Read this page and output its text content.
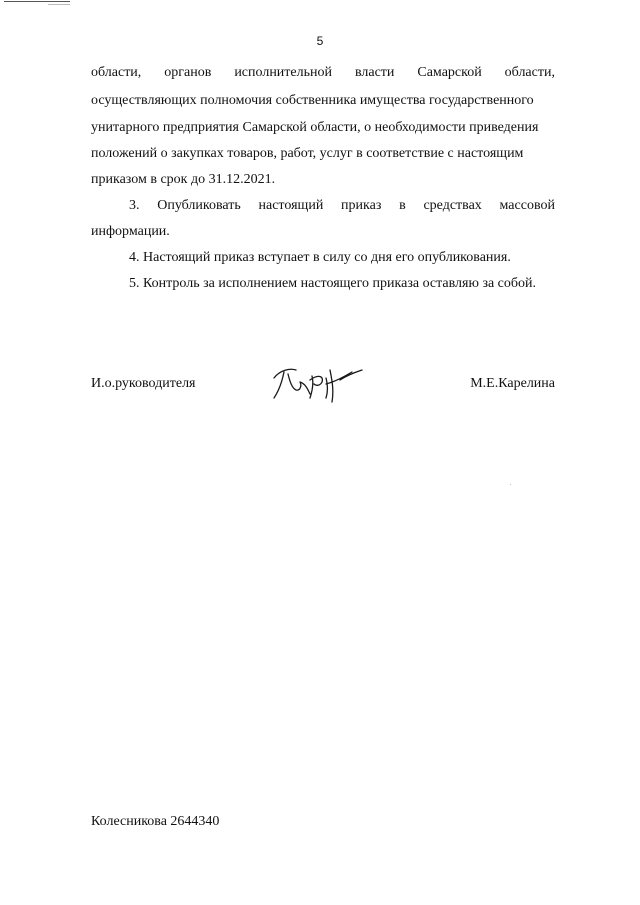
5
области, органов исполнительной власти Самарской области,
осуществляющих полномочия собственника имущества государственного
унитарного предприятия Самарской области, о необходимости приведения
положений о закупках товаров, работ, услуг в соответствие с настоящим
приказом в срок до 31.12.2021.
3. Опубликовать настоящий приказ в средствах массовой
информации.
4. Настоящий приказ вступает в силу со дня его опубликования.
5. Контроль за исполнением настоящего приказа оставляю за собой.
И.о.руководителя	М.Е.Карелина
Колесникова 2644340
